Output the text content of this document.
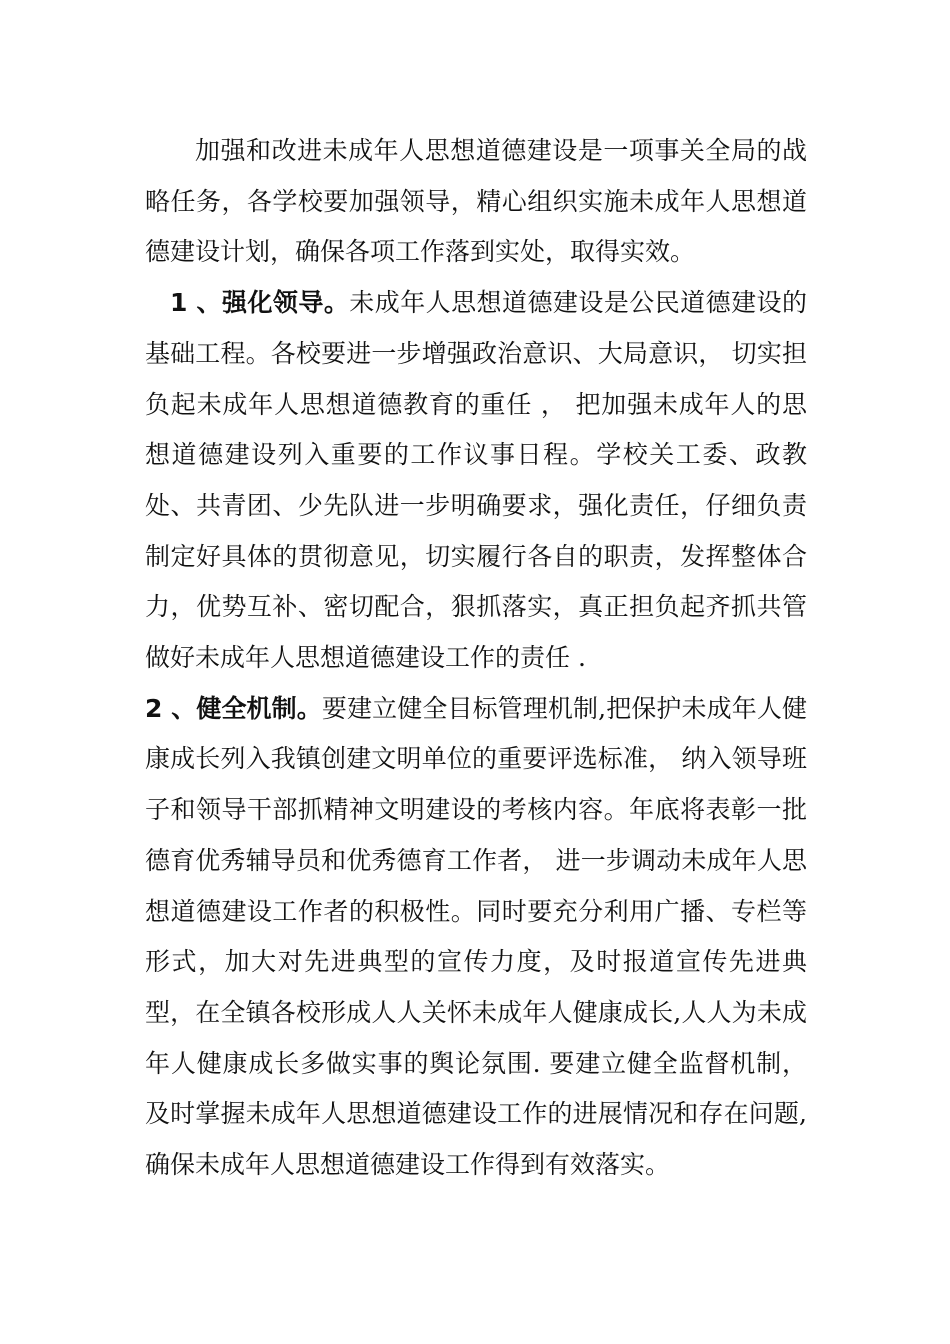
加强和改进未成年人思想道德建设是一项事关全局的战略任务，各学校要加强领导，精心组织实施未成年人思想道德建设计划，确保各项工作落到实处，取得实效。

1 、强化领导。未成年人思想道德建设是公民道德建设的基础工程。各校要进一步增强政治意识、大局意识， 切实担负起未成年人思想道德教育的重任 ， 把加强未成年人的思想道德建设列入重要的工作议事日程。学校关工委、政教处、共青团、少先队进一步明确要求，强化责任，仔细负责制定好具体的贯彻意见，切实履行各自的职责，发挥整体合力，优势互补、密切配合，狠抓落实，真正担负起齐抓共管做好未成年人思想道德建设工作的责任 .

2 、健全机制。要建立健全目标管理机制,把保护未成年人健康成长列入我镇创建文明单位的重要评选标准， 纳入领导班子和领导干部抓精神文明建设的考核内容。年底将表彰一批德育优秀辅导员和优秀德育工作者， 进一步调动未成年人思想道德建设工作者的积极性。同时要充分利用广播、专栏等形式，加大对先进典型的宣传力度，及时报道宣传先进典型，在全镇各校形成人人关怀未成年人健康成长,人人为未成年人健康成长多做实事的舆论氛围. 要建立健全监督机制，及时掌握未成年人思想道德建设工作的进展情况和存在问题,确保未成年人思想道德建设工作得到有效落实。
